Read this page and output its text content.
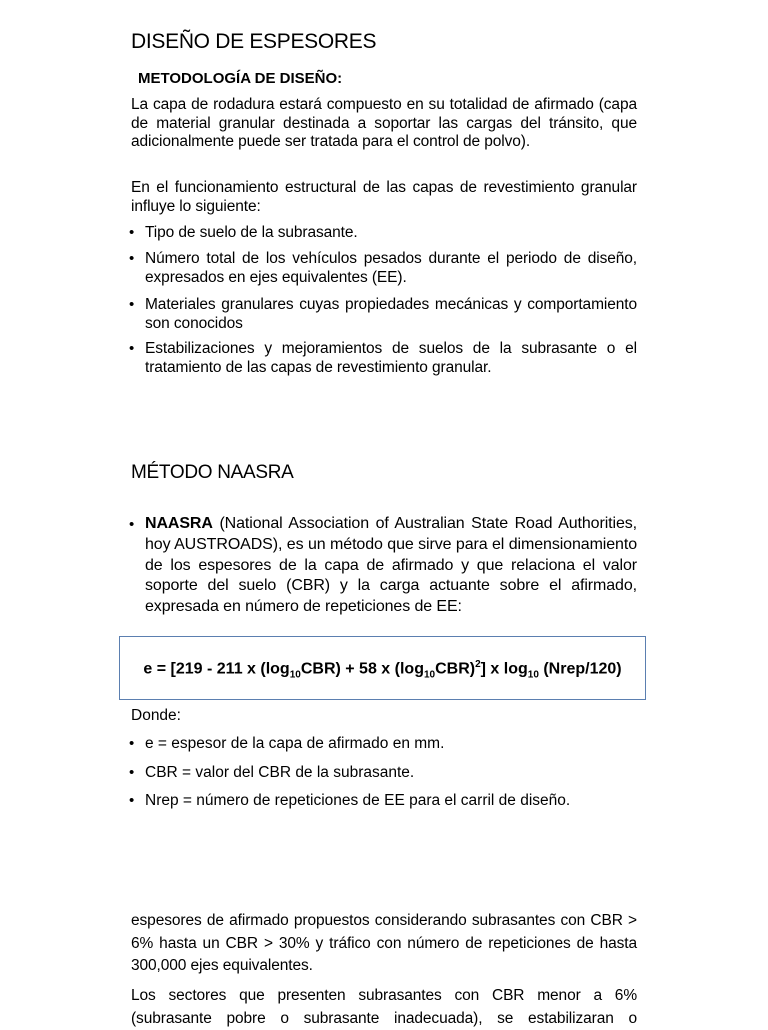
DISEÑO DE ESPESORES
METODOLOGÍA DE DISEÑO:
La capa de rodadura estará compuesto en su totalidad de afirmado (capa de material granular destinada a soportar las cargas del tránsito, que adicionalmente puede ser tratada para el control de polvo).
En el funcionamiento estructural de las capas de revestimiento granular influye lo siguiente:
• Tipo de suelo de la subrasante.
• Número total de los vehículos pesados durante el periodo de diseño, expresados en ejes equivalentes (EE).
• Materiales granulares cuyas propiedades mecánicas y comportamiento son conocidos
• Estabilizaciones y mejoramientos de suelos de la subrasante o el tratamiento de las capas de revestimiento granular.
MÉTODO NAASRA
• NAASRA (National Association of Australian State Road Authorities, hoy AUSTROADS), es un método que sirve para el dimensionamiento de los espesores de la capa de afirmado y que relaciona el valor soporte del suelo (CBR) y la carga actuante sobre el afirmado, expresada en número de repeticiones de EE:
e = [219 - 211 x $(\log_{10}CBR) + 58$ x $(\log_{10}CBR)^2$] x $\log_{10}$ (Nrep/120)
Donde:
• e = espesor de la capa de afirmado en mm.
• CBR = valor del CBR de la subrasante.
• Nrep = número de repeticiones de EE para el carril de diseño.
espesores de afirmado propuestos considerando subrasantes con CBR > 6% hasta un CBR > 30% y tráfico con número de repeticiones de hasta 300,000 ejes equivalentes.
Los sectores que presenten subrasantes con CBR menor a 6% (subrasante pobre o subrasante inadecuada), se estabilizaran o
